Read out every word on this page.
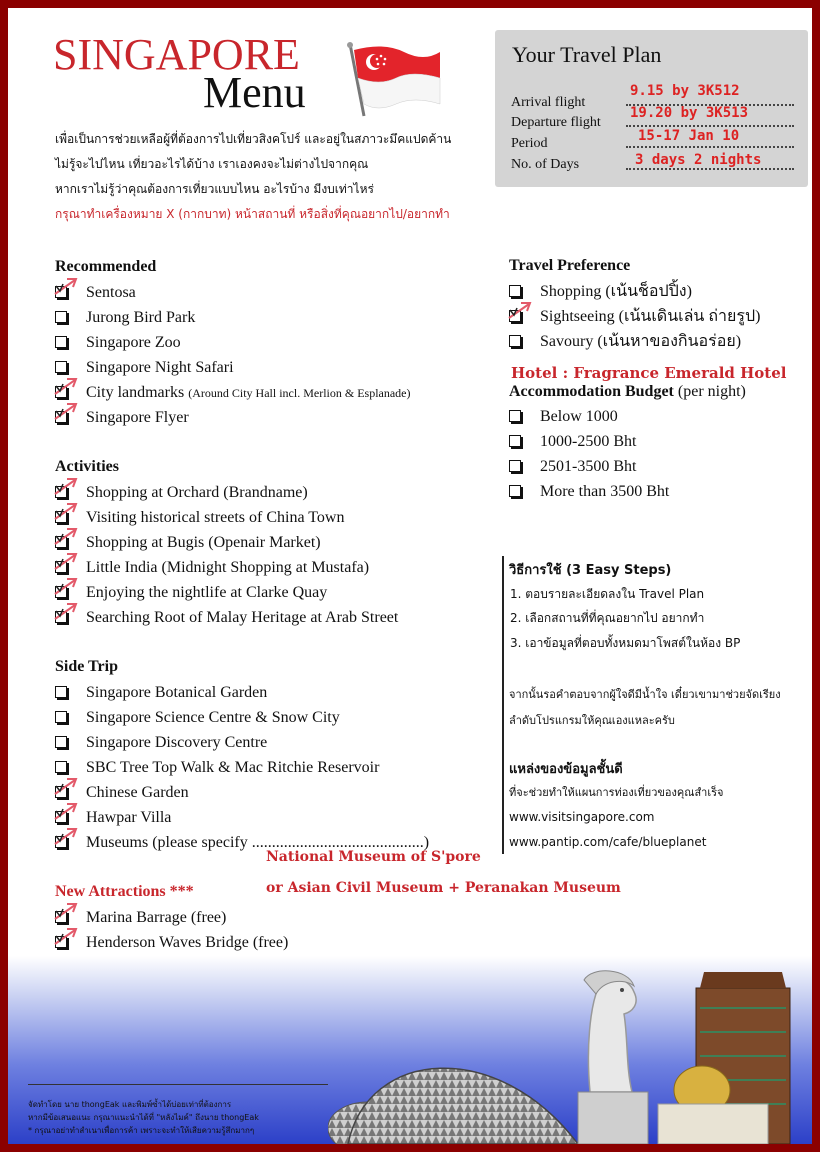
SINGAPORE
Menu
เพื่อเป็นการช่วยเหลือผู้ที่ต้องการไปเที่ยวสิงคโปร์ และอยู่ในสภาวะมึคแปดค้าน
ไม่รู้จะไปไหน เที่ยวอะไรได้บ้าง เราเองคงจะไม่ต่างไปจากคุณ
หากเราไม่รู้ว่าคุณต้องการเที่ยวแบบไหน อะไรบ้าง มีงบเท่าไหร่
กรุณาทำเครื่องหมาย X (กากบาท) หน้าสถานที่ หรือสิ่งที่คุณอยากไป/อยากทำ
Your Travel Plan
Arrival flight
9.15 by 3K512
Departure flight
19.20 by 3K513
Period	15-17 Jan 10
No. of Days	3 days 2 nights
Recommended
Sentosa
Jurong Bird Park
Singapore Zoo
Singapore Night Safari
City landmarks (Around City Hall incl. Merlion & Esplanade)
Singapore Flyer
Activities
Shopping at Orchard (Brandname)
Visiting historical streets of China Town
Shopping at Bugis (Openair Market)
Little India (Midnight Shopping at Mustafa)
Enjoying the nightlife at Clarke Quay
Searching Root of Malay Heritage at Arab Street
Side Trip
Singapore Botanical Garden
Singapore Science Centre & Snow City
Singapore Discovery Centre
SBC Tree Top Walk & Mac Ritchie Reservoir
Chinese Garden
Hawpar Villa
Museums (please specify ...........................................)
National Museum of S'pore
or Asian Civil Museum + Peranakan Museum
New Attractions ***
Marina Barrage (free)
Henderson Waves Bridge (free)
Travel Preference
Shopping (เน้นช็อปปิ้ง)
Sightseeing (เน้นเดินเล่น ถ่ายรูป)
Savoury (เน้นหาของกินอร่อย)
Hotel : Fragrance Emerald Hotel
Accommodation Budget (per night)
Below 1000
1000-2500 Bht
2501-3500 Bht
More than 3500 Bht
วิธีการใช้ (3 Easy Steps)
1. ตอบรายละเอียดลงใน Travel Plan
2. เลือกสถานที่ที่คุณอยากไป อยากทำ
3. เอาข้อมูลที่ตอบทั้งหมดมาโพสต์ในห้อง BP
จากนั้นรอคำตอบจากผู้ใจดีมีน้ำใจ เดี๋ยวเขามาช่วยจัดเรียง
ลำดับโปรแกรมให้คุณเองแหละครับ
แหล่งของข้อมูลชั้นดี
ที่จะช่วยทำให้แผนการท่องเที่ยวของคุณสำเร็จ
www.visitsingapore.com
www.pantip.com/cafe/blueplanet
จัดทำโดย นาย thongEak และพิมพ์ซ้ำได้บ่อยเท่าที่ต้องการ
หากมีข้อเสนอแนะ กรุณาแนะนำได้ที่ "หลังไมค์" ถึงนาย thongEak
* กรุณาอย่าทำสำเนาเพื่อการค้า เพราะจะทำให้เสียความรู้สึกมากๆ
